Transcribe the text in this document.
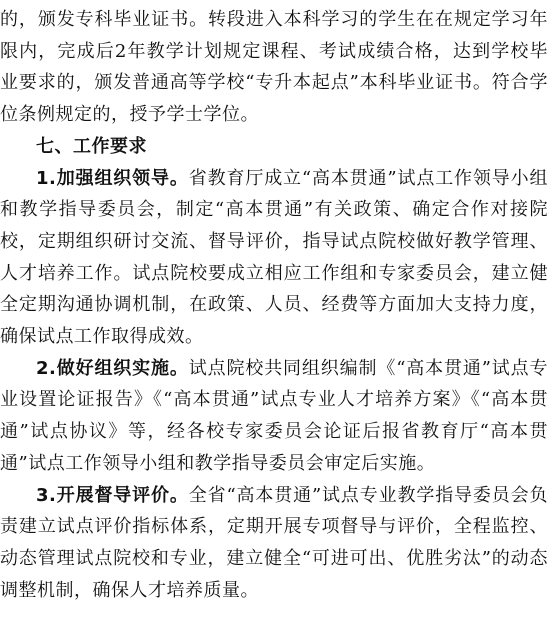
的，颁发专科毕业证书。转段进入本科学习的学生在在规定学习年限内，完成后2年教学计划规定课程、考试成绩合格，达到学校毕业要求的，颁发普通高等学校“专升本起点”本科毕业证书。符合学位条例规定的，授予学士学位。

七、工作要求

1.加强组织领导。省教育厅成立“高本贯通”试点工作领导小组和教学指导委员会，制定“高本贯通”有关政策、确定合作对接院校，定期组织研讨交流、督导评价，指导试点院校做好教学管理、人才培养工作。试点院校要成立相应工作组和专家委员会，建立健全定期沟通协调机制，在政策、人员、经费等方面加大支持力度，确保试点工作取得成效。

2.做好组织实施。试点院校共同组织编制《“高本贯通”试点专业设置论证报告》《“高本贯通”试点专业人才培养方案》《“高本贯通”试点协议》等，经各校专家委员会论证后报省教育厅“高本贯通”试点工作领导小组和教学指导委员会审定后实施。

3.开展督导评价。全省“高本贯通”试点专业教学指导委员会负责建立试点评价指标体系，定期开展专项督导与评价，全程监控、动态管理试点院校和专业，建立健全“可进可出、优胜劣汰”的动态调整机制，确保人才培养质量。
